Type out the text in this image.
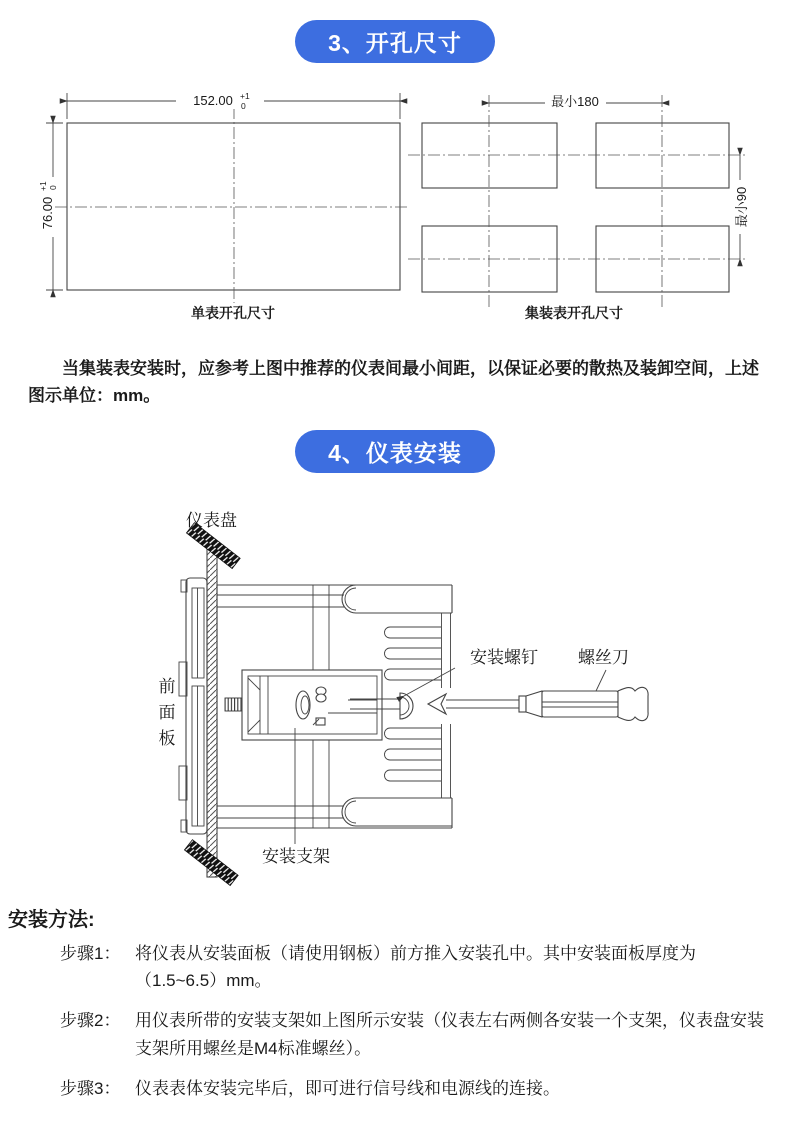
3、开孔尺寸
152.00 +1
0
76.00
+1 0
单表开孔尺寸
最小180
最小90
集装表开孔尺寸

当集装表安装时，应参考上图中推荐的仪表间最小间距，以保证必要的散热及装卸空间，上述图示单位：mm。

4、仪表安装
仪表盘
前
面
板
安装螺钉 螺丝刀
安装支架
安装方法:
步骤1： 将仪表从安装面板（请使用钢板）前方推入安装孔中。其中安装面板厚度为（1.5~6.5）mm。
步骤2： 用仪表所带的安装支架如上图所示安装（仪表左右两侧各安装一个支架，仪表盘安装支架所用螺丝是M4标准螺丝）。
步骤3： 仪表表体安装完毕后，即可进行信号线和电源线的连接。
